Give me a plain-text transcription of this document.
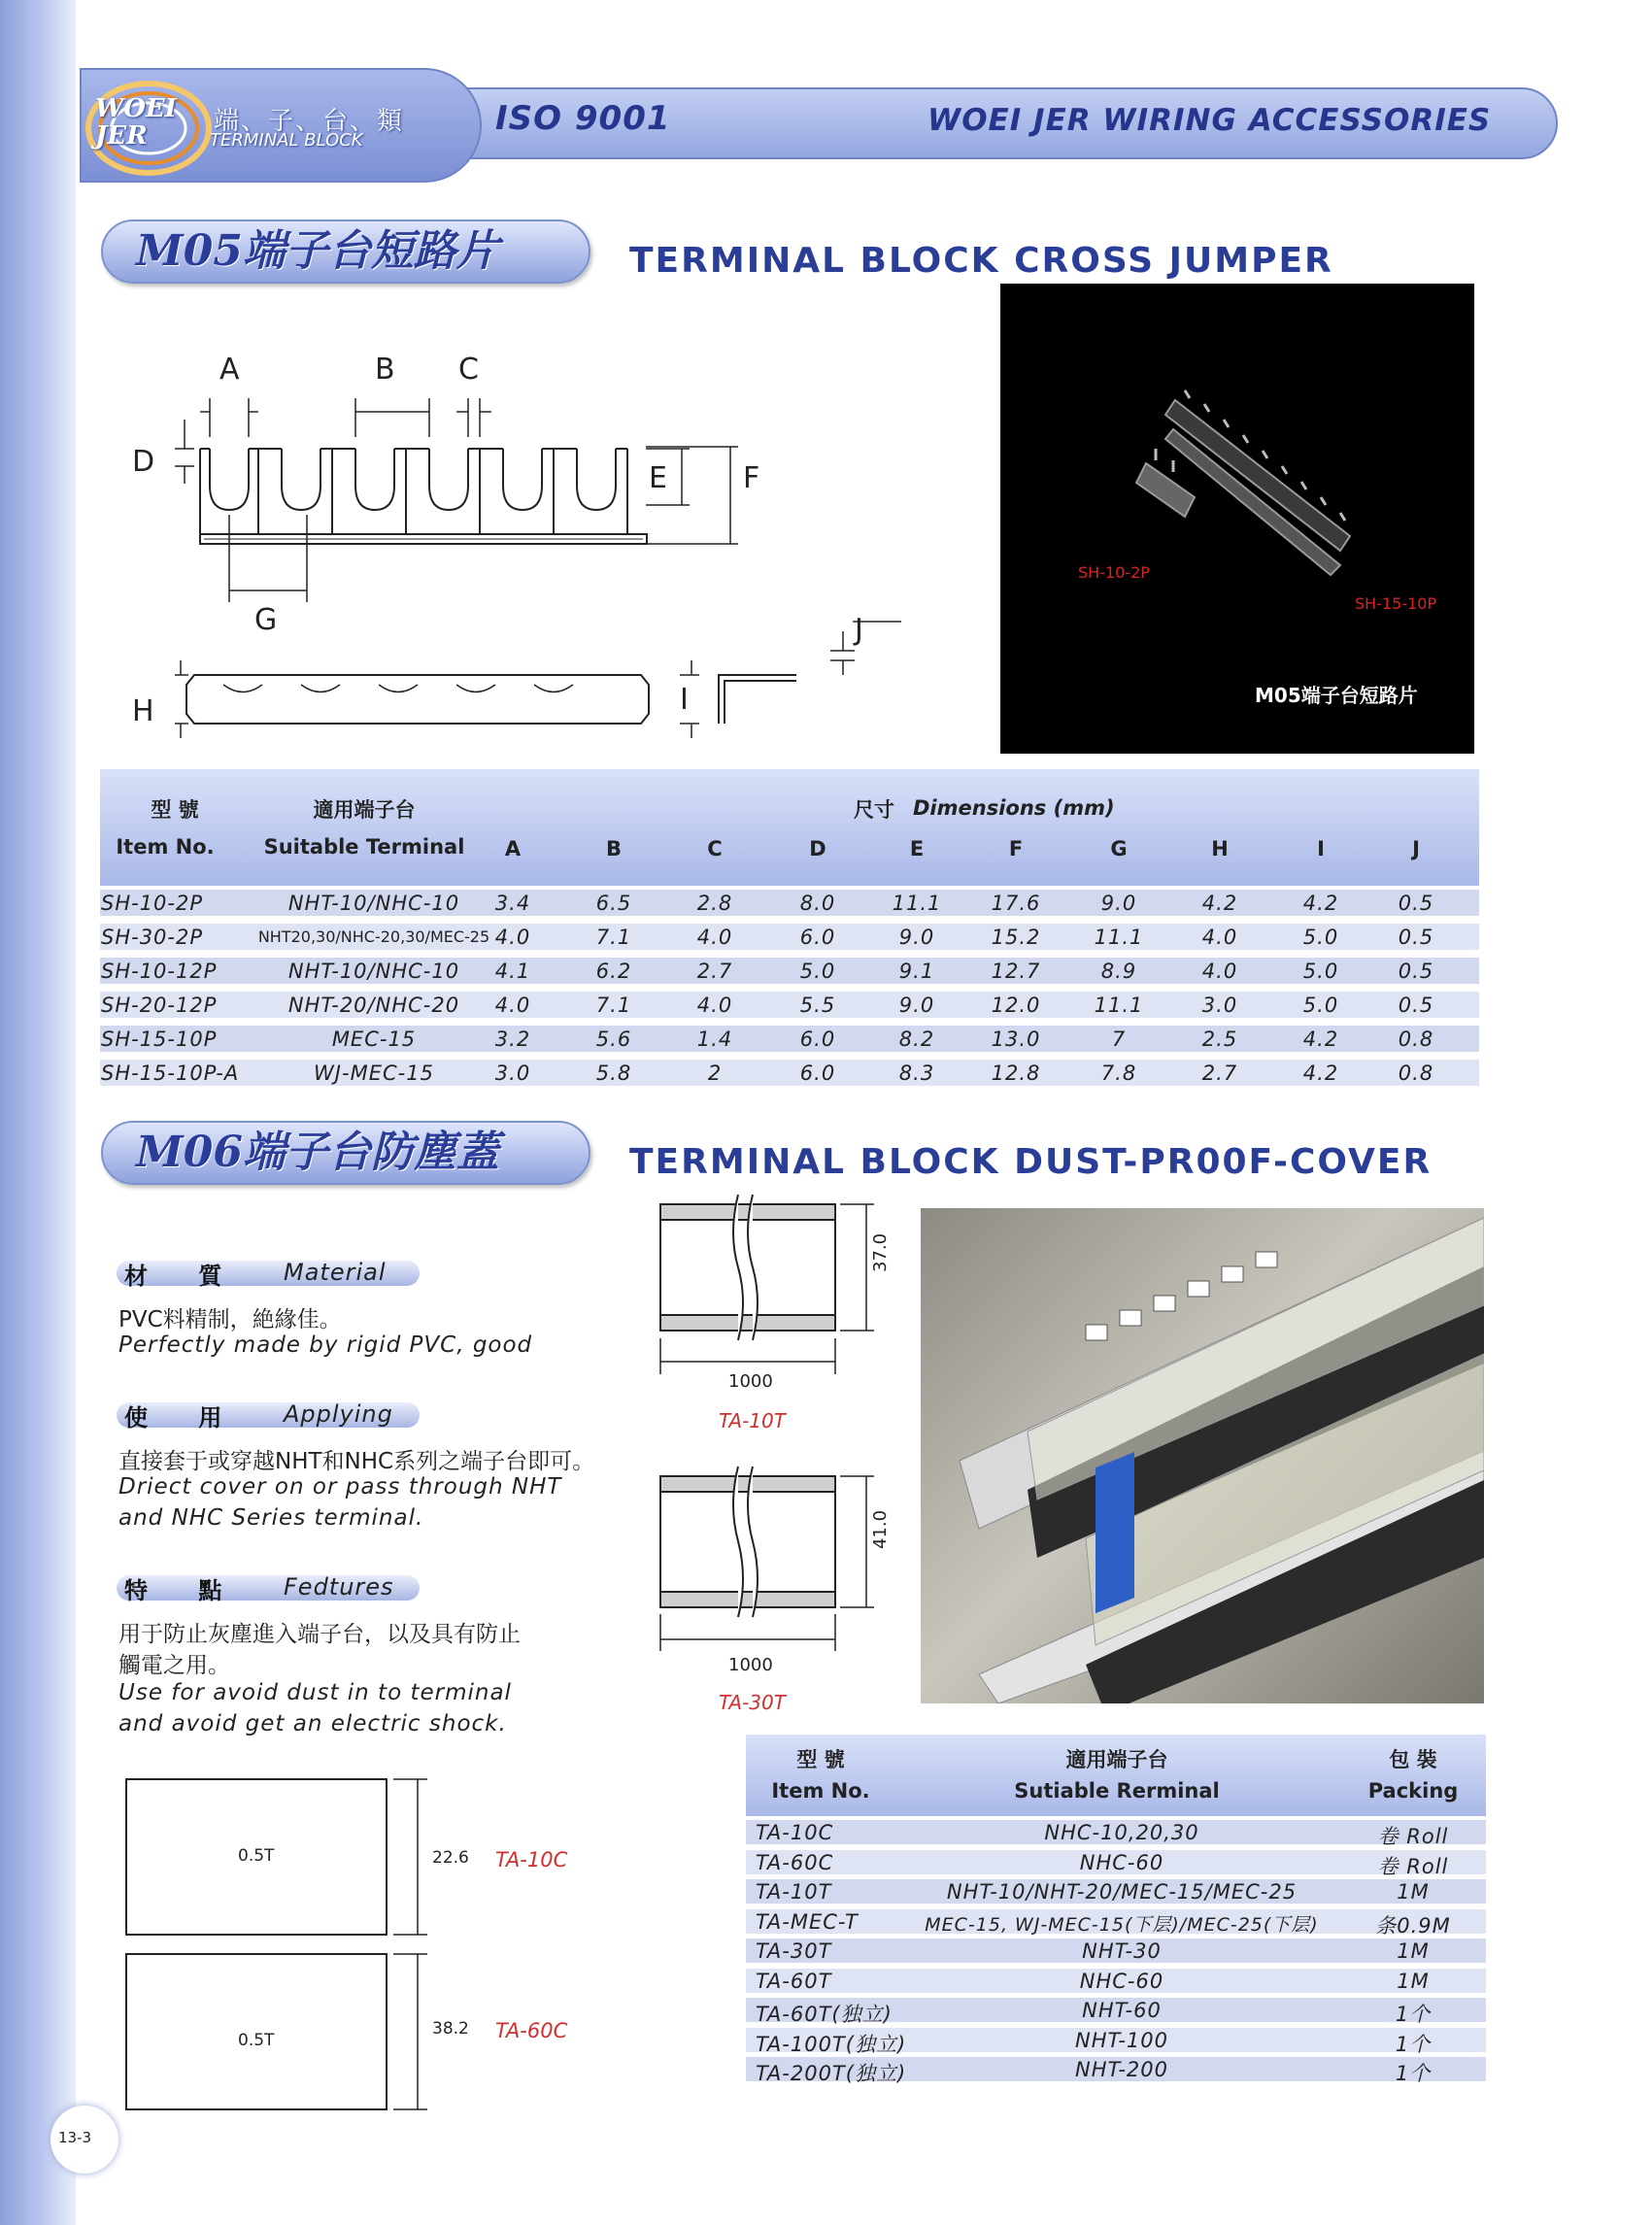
ISO 9001	WOEI JER WIRING ACCESSORIES
WOEI JER	端、子、台、類
TERMINAL BLOCK
M05端子台短路片	TERMINAL BLOCK CROSS JUMPER
A	B C
D	E	F
G
H	I
J
SH-10-2P
SH-15-10P
M05端子台短路片
型 號	適用端子台	尺寸 Dimensions (mm)
Item No.	Suitable Terminal	A	B	C	D	E	F	G	H	I	J
SH-10-2P	NHT-10/NHC-10	3.4	6.5	2.8	8.0	11.1	17.6	9.0	4.2	4.2	0.5
SH-30-2P	NHT20,30/NHC-20,30/MEC-25 4.0	7.1	4.0	6.0	9.0	15.2	11.1	4.0	5.0	0.5
SH-10-12P	NHT-10/NHC-10	4.1	6.2	2.7	5.0	9.1	12.7	8.9	4.0	5.0	0.5
SH-20-12P	NHT-20/NHC-20	4.0	7.1	4.0	5.5	9.0	12.0	11.1	3.0	5.0	0.5
SH-15-10P	MEC-15	3.2	5.6	1.4	6.0	8.2	13.0	7	2.5	4.2	0.8
SH-15-10P-A	WJ-MEC-15	3.0	5.8	2	6.0	8.3	12.8	7.8	2.7	4.2	0.8
M06端子台防塵蓋	TERMINAL BLOCK DUST-PR00F-COVER
材 質 Material
PVC料精制，絶緣佳。
Perfectly made by rigid PVC, good
使 用 Applying
直接套于或穿越NHT和NHC系列之端子台即可。
Driect cover on or pass through NHT
and NHC Series terminal.
特 點 Fedtures
用于防止灰塵進入端子台，以及具有防止
觸電之用。
Use for avoid dust in to terminal
and avoid get an electric shock.
37.0
1000
TA-10T
41.0
1000
TA-30T
0.5T	22.6 TA-10C
0.5T
38.2 TA-60C
型 號	適用端子台	包 裝
Item No.	Sutiable Rerminal	Packing
TA-10C	NHC-10,20,30	卷 Roll
TA-60C	NHC-60	卷 Roll
TA-10T	NHT-10/NHT-20/MEC-15/MEC-25	1M
TA-MEC-T	MEC-15, WJ-MEC-15(下层)/MEC-25(下层)	条0.9M
TA-30T	NHT-30	1M
TA-60T	NHC-60	1M
TA-60T(独立)	NHT-60	1个
TA-100T(独立)	NHT-100	1个
TA-200T(独立)	NHT-200	1个
13-3
